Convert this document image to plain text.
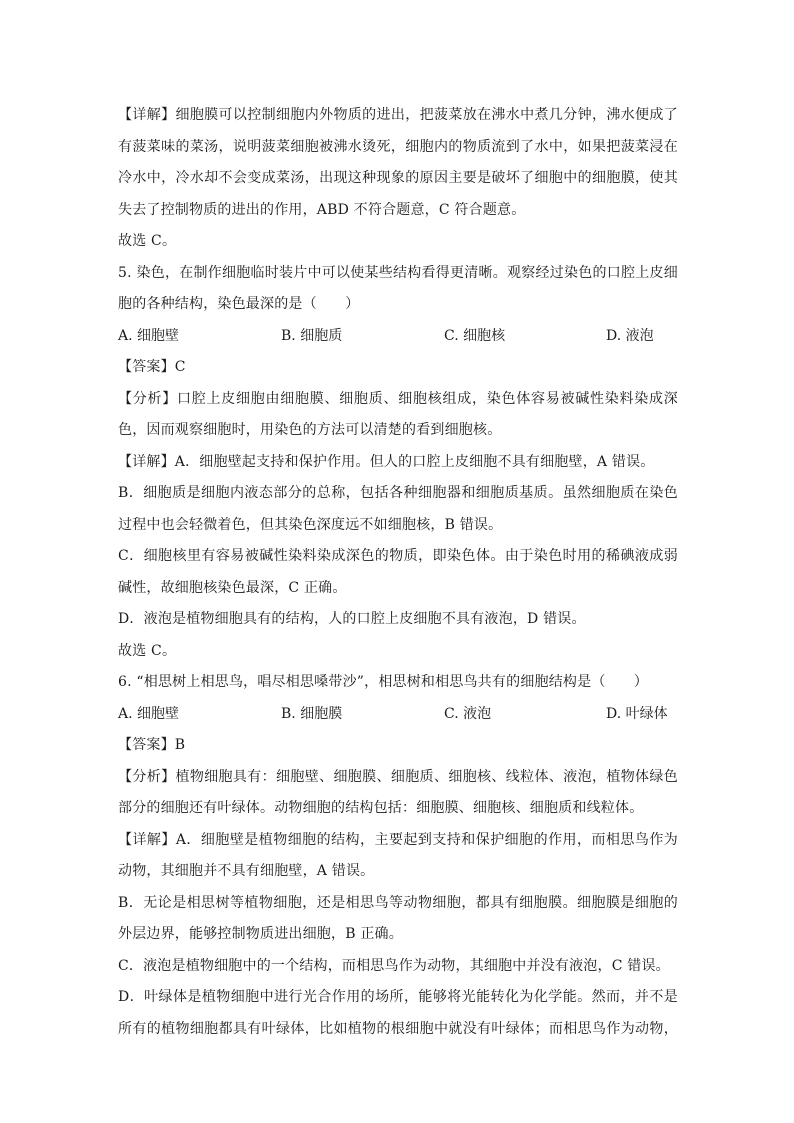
【详解】细胞膜可以控制细胞内外物质的进出，把菠菜放在沸水中煮几分钟，沸水便成了
有菠菜味的菜汤，说明菠菜细胞被沸水烫死，细胞内的物质流到了水中，如果把菠菜浸在
冷水中，冷水却不会变成菜汤，出现这种现象的原因主要是破坏了细胞中的细胞膜，使其
失去了控制物质的进出的作用，ABD 不符合题意，C 符合题意。
故选 C。
5. 染色，在制作细胞临时装片中可以使某些结构看得更清晰。观察经过染色的口腔上皮细
胞的各种结构，染色最深的是（　　）
A. 细胞壁	B. 细胞质	C. 细胞核	D. 液泡
【答案】C
【分析】口腔上皮细胞由细胞膜、细胞质、细胞核组成，染色体容易被碱性染料染成深
色，因而观察细胞时，用染色的方法可以清楚的看到细胞核。
【详解】A．细胞壁起支持和保护作用。但人的口腔上皮细胞不具有细胞壁，A 错误。
B．细胞质是细胞内液态部分的总称，包括各种细胞器和细胞质基质。虽然细胞质在染色
过程中也会轻微着色，但其染色深度远不如细胞核，B 错误。
C．细胞核里有容易被碱性染料染成深色的物质，即染色体。由于染色时用的稀碘液成弱
碱性，故细胞核染色最深，C 正确。
D．液泡是植物细胞具有的结构，人的口腔上皮细胞不具有液泡，D 错误。
故选 C。
6. “相思树上相思鸟，唱尽相思嗓带沙”，相思树和相思鸟共有的细胞结构是（　　）
A. 细胞壁	B. 细胞膜	C. 液泡	D. 叶绿体
【答案】B
【分析】植物细胞具有：细胞壁、细胞膜、细胞质、细胞核、线粒体、液泡，植物体绿色
部分的细胞还有叶绿体。动物细胞的结构包括：细胞膜、细胞核、细胞质和线粒体。
【详解】A．细胞壁是植物细胞的结构，主要起到支持和保护细胞的作用，而相思鸟作为
动物，其细胞并不具有细胞壁，A 错误。
B．无论是相思树等植物细胞，还是相思鸟等动物细胞，都具有细胞膜。细胞膜是细胞的
外层边界，能够控制物质进出细胞，B 正确。
C．液泡是植物细胞中的一个结构，而相思鸟作为动物，其细胞中并没有液泡，C 错误。
D．叶绿体是植物细胞中进行光合作用的场所，能够将光能转化为化学能。然而，并不是
所有的植物细胞都具有叶绿体，比如植物的根细胞中就没有叶绿体；而相思鸟作为动物，
